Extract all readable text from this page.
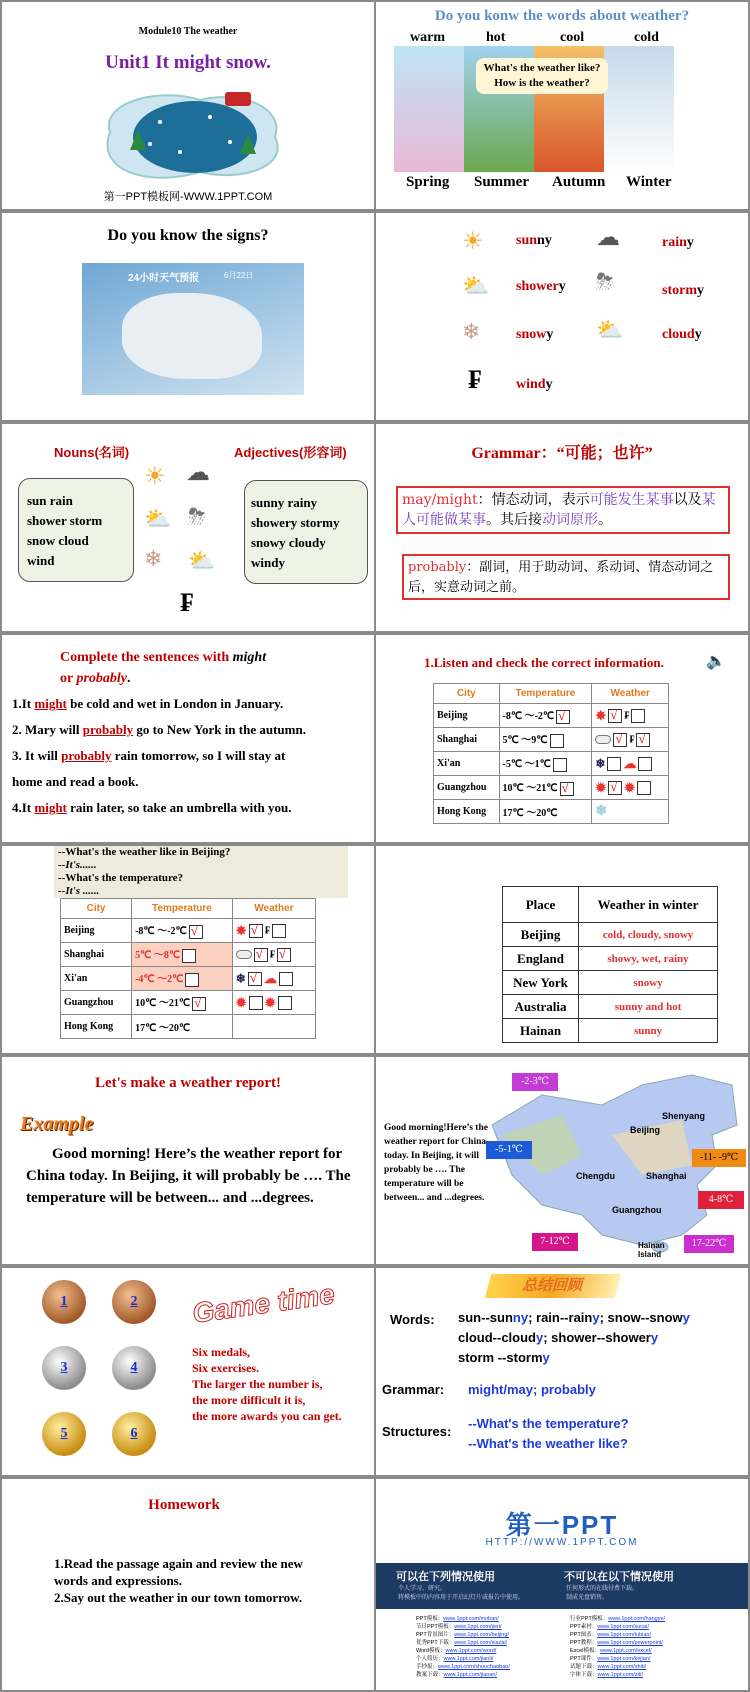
Module10 The weather
Unit1 It might snow.
第一PPT模板网-WWW.1PPT.COM
Do you konw the words about weather?
warm	hot	cool	cold
What's the weather like?
How is the weather?
Spring Summer Autumn Winter
Do you know the signs?
24小时天气预报	6月22日
☀ sunny ☁	rainy
⛅ showery ⛈	stormy
❄	snowy ⛅	cloudy
₣	windy
Nouns(名词)	Adjectives(形容词)
sun rain
shower storm
snow cloud
wind
☀ ☁
⛅ ⛈
❄ ⛅
₣
sunny rainy
showery stormy
snowy cloudy
windy
Grammar：“可能；也许”
may/might：情态动词，表示可能发生某事以及某人可能做某事。其后接动词原形。
probably：副词，用于助动词、系动词、情态动词之后，实意动词之前。
Complete the sentences with might
or probably.
1.It might be cold and wet in London in January.
2. Mary will probably go to New York in the autumn.
3. It will probably rain tomorrow, so I will stay at
home and read a book.
4.It might rain later, so take an umbrella with you.
1.Listen and check the correct information.	🔈
City	Temperature	Weather
Beijing	-8℃ ～-2℃√	✸ √ ₣
Shanghai	5℃ ～9℃	√₣√
Xi'an	-5℃ ～1℃	❄ ☁
Guangzhou	10℃ ～21℃√	✹ √ ✹
Hong Kong	17℃ ～20℃	❄
--What's the weather like in Beijing?
--It's......
--What's the temperature?
--It's ......
City	Temperature	Weather
Beijing	-8℃ ～-2℃√	✸ √ ₣
Shanghai	5℃ ～8℃	√₣√
Xi'an	-4℃ ～2℃	❄ √ ☁
Guangzhou	10℃ ～21℃√	✹ ✹
Hong Kong	17℃ ～20℃	
Place	Weather in winter
Beijing	cold, cloudy, snowy
England	showy, wet, rainy
New York	snowy
Australia	sunny and hot
Hainan	sunny
Let's make a weather report!
Example
Good morning! Here’s the weather report for China today. In Beijing, it will probably be …. The temperature will be between... and ...degrees.
Good morning!Here’s the weather report for China today. In Beijing, it will probably be …. The temperature will be between... and ...degrees.
-2-3℃
-5-1℃
-11- -9℃
4-8℃
7-12℃	17-22℃
Beijing
Shenyang
Chengdu	Shanghai
Guangzhou
Hainan Island
1	2
3	4
5	6
Game time
Six medals,
Six exercises.
The larger the number is,
the more difficult it is,
the more awards you can get.
总结回顾
Words: sun--sunny; rain--rainy; snow--snowy
cloud--cloudy; shower--showery
storm --stormy
Grammar: might/may; probably
Structures:
--What's the temperature?
--What's the weather like?
Homework
1.Read the passage again and review the new words and expressions.
2.Say out the weather in our town tomorrow.
第一PPT
HTTP://WWW.1PPT.COM
可以在下列情况使用
个人学习、研究。
将模板中的内容用于开启幻灯片或报告中使用。
不可以在以下情况使用
任何形式的在线付费下载。
制成光盘销售。
PPT模板：www.1ppt.com/moban/
节日PPT模板：www.1ppt.com/jieri/
PPT背景图片：www.1ppt.com/beijing/
优秀PPT下载：www.1ppt.com/xiazai/
Word模板：www.1ppt.com/word/
个人简历：www.1ppt.com/jianli/
手抄报：www.1ppt.com/shouchaobao/
教案下载：www.1ppt.com/jiaoan/
行业PPT模板：www.1ppt.com/hangye/
PPT素材：www.1ppt.com/sucai/
PPT图表：www.1ppt.com/tubiao/
PPT教程：www.1ppt.com/powerpoint/
Excel模板：www.1ppt.com/excel/
PPT课件：www.1ppt.com/kejian/
试题下载：www.1ppt.com/shiti/
字体下载：www.1ppt.com/ziti/
